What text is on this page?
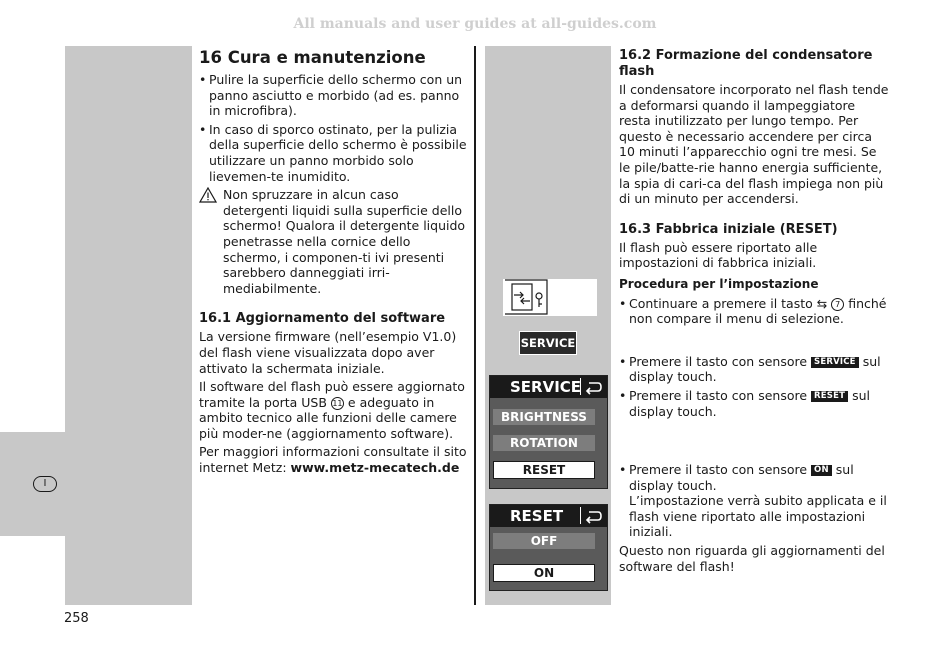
All manuals and user guides at all-guides.com
I
258
16 Cura e manutenzione
• Pulire la superficie dello schermo con un panno asciutto e morbido (ad es. panno in microfibra).
• In caso di sporco ostinato, per la pulizia della superficie dello schermo è possibile utilizzare un panno morbido solo lievemen-te inumidito.
Non spruzzare in alcun caso detergenti liquidi sulla superficie dello schermo! Qualora il detergente liquido penetrasse nella cornice dello schermo, i componen-ti ivi presenti sarebbero danneggiati irri-mediabilmente.
16.1 Aggiornamento del software

La versione firmware (nell’esempio V1.0) del flash viene visualizzata dopo aver attivato la schermata iniziale.

Il software del flash può essere aggiornato tramite la porta USB 11 e adeguato in ambito tecnico alle funzioni delle camere più moder-ne (aggiornamento software).

Per maggiori informazioni consultate il sito internet Metz: www.metz-mecatech.de

SERVICE
SERVICE
BRIGHTNESS
ROTATION
RESET
RESET
OFF
ON
16.2 Formazione del condensatore flash

Il condensatore incorporato nel flash tende a deformarsi quando il lampeggiatore resta inutilizzato per lungo tempo. Per questo è necessario accendere per circa 10 minuti l’apparecchio ogni tre mesi. Se le pile/batte-rie hanno energia sufficiente, la spia di cari-ca del flash impiega non più di un minuto per accendersi.

16.3 Fabbrica iniziale (RESET)

Il flash può essere riportato alle impostazioni di fabbrica iniziali.

Procedura per l’impostazione
• Continuare a premere il tasto ⇆ 7 finché non compare il menu di selezione.
• Premere il tasto con sensore SERVICE sul display touch.
• Premere il tasto con sensore RESET sul display touch.
• Premere il tasto con sensore ON sul display touch.
L’impostazione verrà subito applicata e il flash viene riportato alle impostazioni iniziali.

Questo non riguarda gli aggiornamenti del software del flash!
